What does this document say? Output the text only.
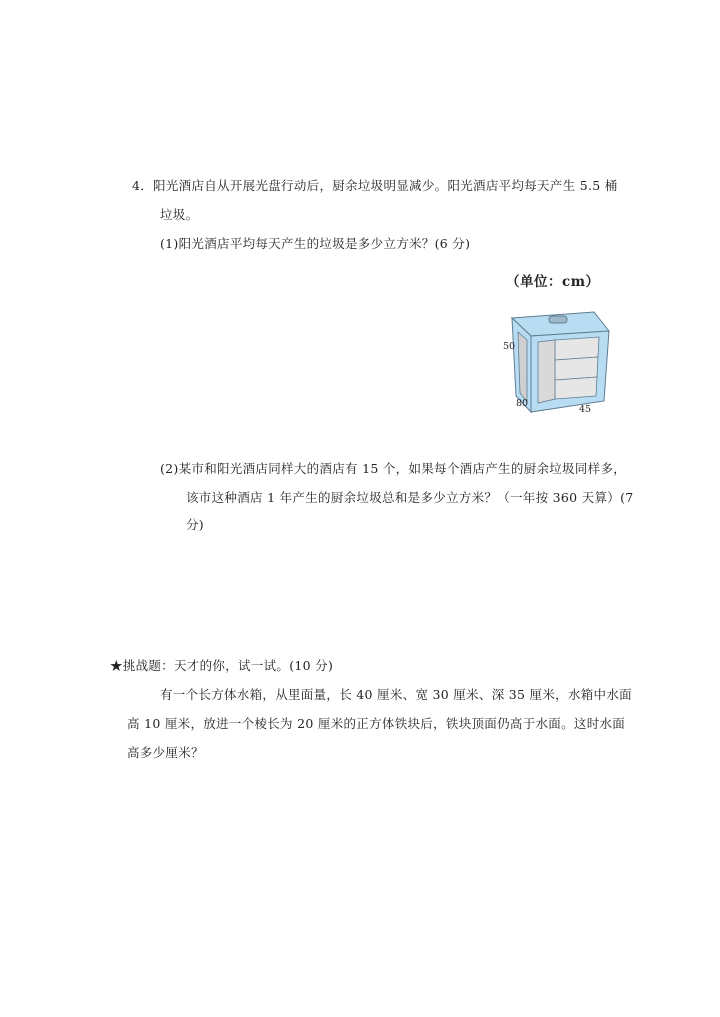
4．阳光酒店自从开展光盘行动后，厨余垃圾明显减少。阳光酒店平均每天产生 5.5 桶
垃圾。
(1)阳光酒店平均每天产生的垃圾是多少立方米？(6 分)
（单位：cm）
50
80
45
(2)某市和阳光酒店同样大的酒店有 15 个，如果每个酒店产生的厨余垃圾同样多，
该市这种酒店 1 年产生的厨余垃圾总和是多少立方米？（一年按 360 天算）(7
分)
★挑战题：天才的你，试一试。(10 分)
有一个长方体水箱，从里面量，长 40 厘米、宽 30 厘米、深 35 厘米，水箱中水面
高 10 厘米，放进一个棱长为 20 厘米的正方体铁块后，铁块顶面仍高于水面。这时水面
高多少厘米？
